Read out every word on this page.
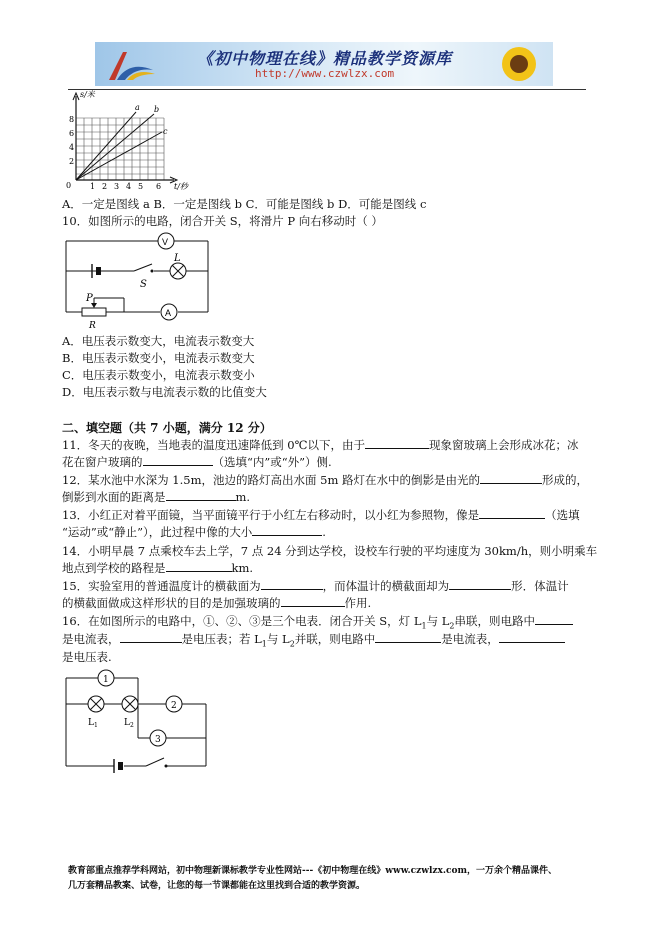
《初中物理在线》精品教学资源库
http://www.czwlzx.com
s/米
t/秒
8
6
4
2
0 1 2 3 4 5 6
a b
c
A．一定是图线 a B．一定是图线 b C．可能是图线 b D．可能是图线 c
10．如图所示的电路，闭合开关 S，将滑片 P 向右移动时（ ）
V
L
S
A
P
R
A．电压表示数变大，电流表示数变大
B．电压表示数变小，电流表示数变大
C．电压表示数变小，电流表示数变小
D．电压表示数与电流表示数的比值变大
二、填空题（共 7 小题，满分 12 分）
11．冬天的夜晚，当地表的温度迅速降低到 0℃以下，由于	现象窗玻璃上会形成冰花；冰
花在窗户玻璃的	（选填“内”或“外”）侧.
12．某水池中水深为 1.5m，池边的路灯高出水面 5m 路灯在水中的倒影是由光的	形成的，
倒影到水面的距离是	m.
13．小红正对着平面镜，当平面镜平行于小红左右移动时，以小红为参照物，像是	（选填
“运动”或“静止”），此过程中像的大小	.
14．小明早晨 7 点乘校车去上学，7 点 24 分到达学校，设校车行驶的平均速度为 30km/h，则小明乘车
地点到学校的路程是	km.
15．实验室用的普通温度计的横截面为	，而体温计的横截面却为	形．体温计
的横截面做成这样形状的目的是加强玻璃的	作用.
16．在如图所示的电路中，①、②、③是三个电表．闭合开关 S，灯 $L_1$与 $L_2$串联，则电路中
是电流表，	是电压表；若 $L_1$与 $L_2$并联，则电路中	是电流表，
是电压表.
1
2
3
$L_1$	$L_2$
教育部重点推荐学科网站，初中物理新课标教学专业性网站---《初中物理在线》www.czwlzx.com，一万余个精品课件、
几万套精品教案、试卷，让您的每一节课都能在这里找到合适的教学资源。
